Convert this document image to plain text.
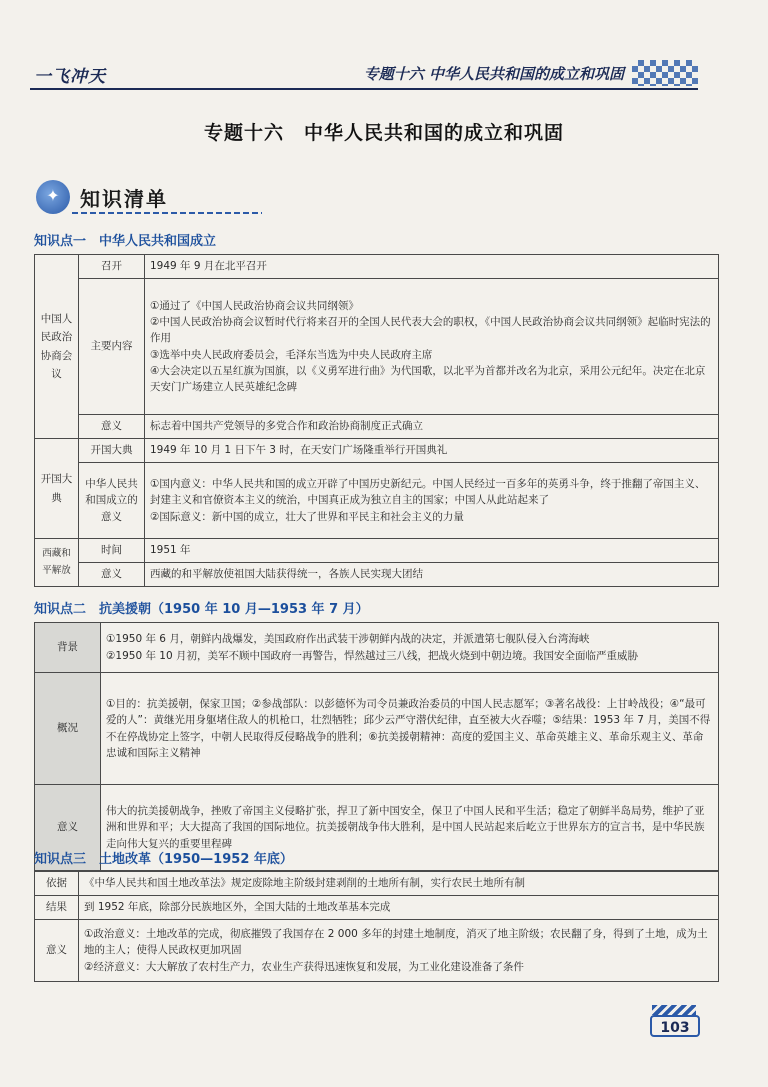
一飞冲天	专题十六 中华人民共和国的成立和巩固
专题十六　中华人民共和国的成立和巩固
✦	知识清单
知识点一　中华人民共和国成立
中国人民政治协商会议	召开	1949 年 9 月在北平召开
	主要内容	①通过了《中国人民政治协商会议共同纲领》
②中国人民政治协商会议暂时代行将来召开的全国人民代表大会的职权，《中国人民政治协商会议共同纲领》起临时宪法的作用
③选举中央人民政府委员会，毛泽东当选为中央人民政府主席
④大会决定以五星红旗为国旗，以《义勇军进行曲》为代国歌，以北平为首都并改名为北京，采用公元纪年。决定在北京天安门广场建立人民英雄纪念碑

	意义	标志着中国共产党领导的多党合作和政治协商制度正式确立
开国大典	开国大典	1949 年 10 月 1 日下午 3 时，在天安门广场隆重举行开国典礼
	中华人民共和国成立的意义	①国内意义：中华人民共和国的成立开辟了中国历史新纪元。中国人民经过一百多年的英勇斗争，终于推翻了帝国主义、封建主义和官僚资本主义的统治，中国真正成为独立自主的国家；中国人从此站起来了
②国际意义：新中国的成立，壮大了世界和平民主和社会主义的力量

西藏和平解放	时间	1951 年
	意义	西藏的和平解放使祖国大陆获得统一，各族人民实现大团结
知识点二　抗美援朝（1950 年 10 月—1953 年 7 月）
背景	①1950 年 6 月，朝鲜内战爆发，美国政府作出武装干涉朝鲜内战的决定，并派遣第七舰队侵入台湾海峡
②1950 年 10 月初，美军不顾中国政府一再警告，悍然越过三八线，把战火烧到中朝边境。我国安全面临严重威胁

概况	①目的：抗美援朝，保家卫国；②参战部队：以彭德怀为司令员兼政治委员的中国人民志愿军；③著名战役：上甘岭战役；④“最可爱的人”：黄继光用身躯堵住敌人的机枪口，壮烈牺牲；邱少云严守潜伏纪律，直至被大火吞噬；⑤结果：1953 年 7 月，美国不得不在停战协定上签字，中朝人民取得反侵略战争的胜利；⑥抗美援朝精神：高度的爱国主义、革命英雄主义、革命乐观主义、革命忠诚和国际主义精神
意义	伟大的抗美援朝战争，挫败了帝国主义侵略扩张，捍卫了新中国安全，保卫了中国人民和平生活；稳定了朝鲜半岛局势，维护了亚洲和世界和平；大大提高了我国的国际地位。抗美援朝战争伟大胜利，是中国人民站起来后屹立于世界东方的宣言书，是中华民族走向伟大复兴的重要里程碑
知识点三　土地改革（1950—1952 年底）
依据	《中华人民共和国土地改革法》规定废除地主阶级封建剥削的土地所有制，实行农民土地所有制
结果	到 1952 年底，除部分民族地区外，全国大陆的土地改革基本完成
意义	①政治意义：土地改革的完成，彻底摧毁了我国存在 2 000 多年的封建土地制度，消灭了地主阶级；农民翻了身，得到了土地，成为土地的主人；使得人民政权更加巩固
②经济意义：大大解放了农村生产力，农业生产获得迅速恢复和发展，为工业化建设准备了条件
103
